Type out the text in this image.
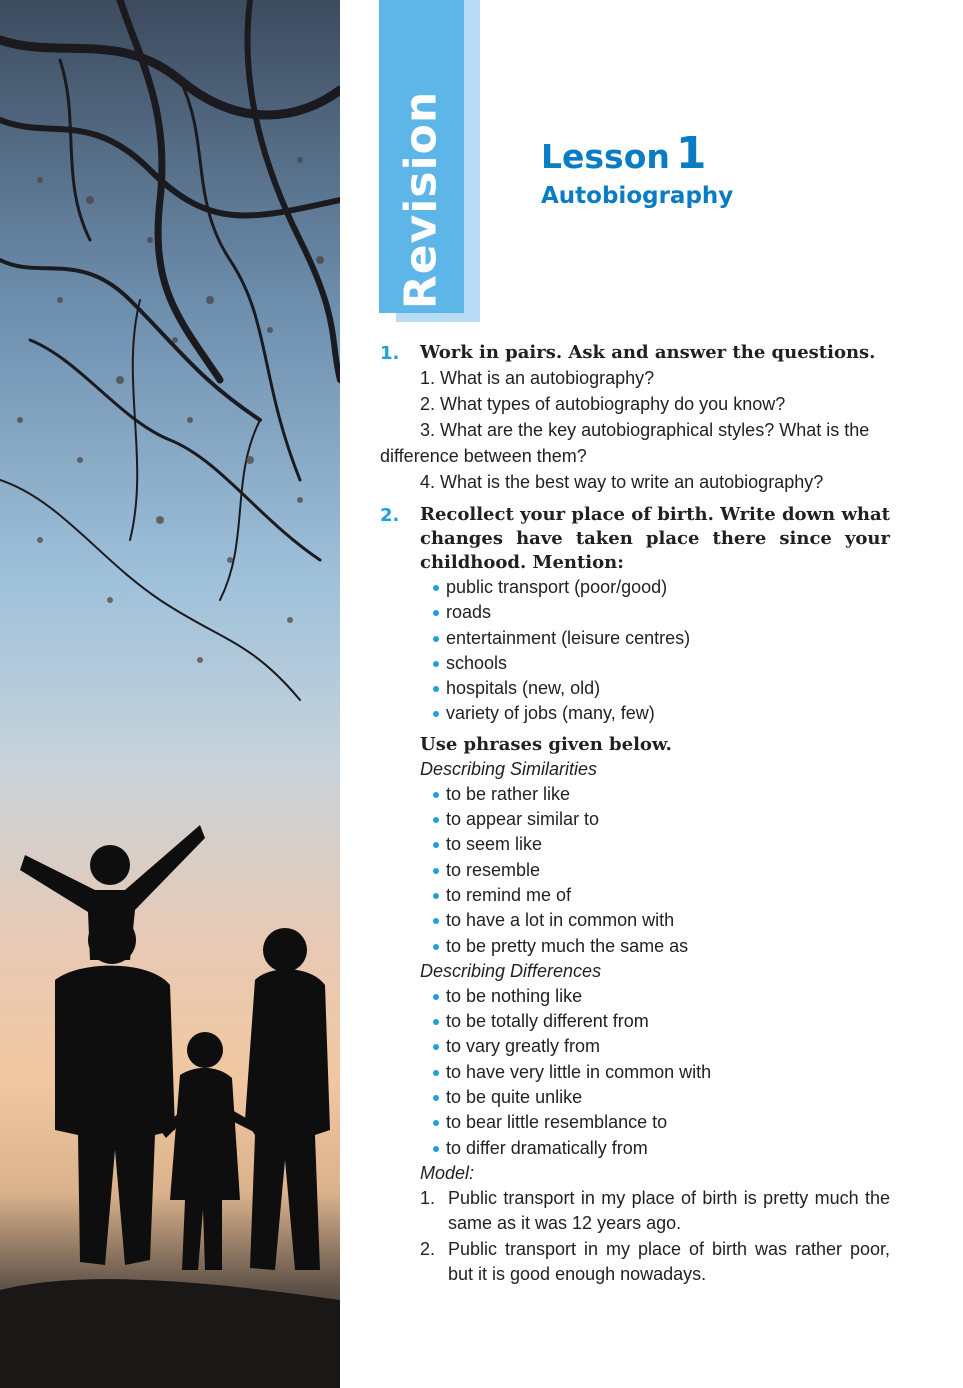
Revision	Lesson 1
Autobiography
1. Work in pairs. Ask and answer the questions.

1. What is an autobiography?

2. What types of autobiography do you know?

3. What are the key autobiographical styles? What is the difference between them?

4. What is the best way to write an autobiography?

2. Recollect your place of birth. Write down what changes have taken place there since your childhood. Mention:

public transport (poor/good)
roads
entertainment (leisure centres)
schools
hospitals (new, old)
variety of jobs (many, few)

Use phrases given below.

Describing Similarities

to be rather like
to appear similar to
to seem like
to resemble
to remind me of
to have a lot in common with
to be pretty much the same as

Describing Differences

to be nothing like
to be totally different from
to vary greatly from
to have very little in common with
to be quite unlike
to bear little resemblance to
to differ dramatically from

Model:

1. Public transport in my place of birth is pretty much the same as it was 12 years ago.
2. Public transport in my place of birth was rather poor, but it is good enough nowadays.
